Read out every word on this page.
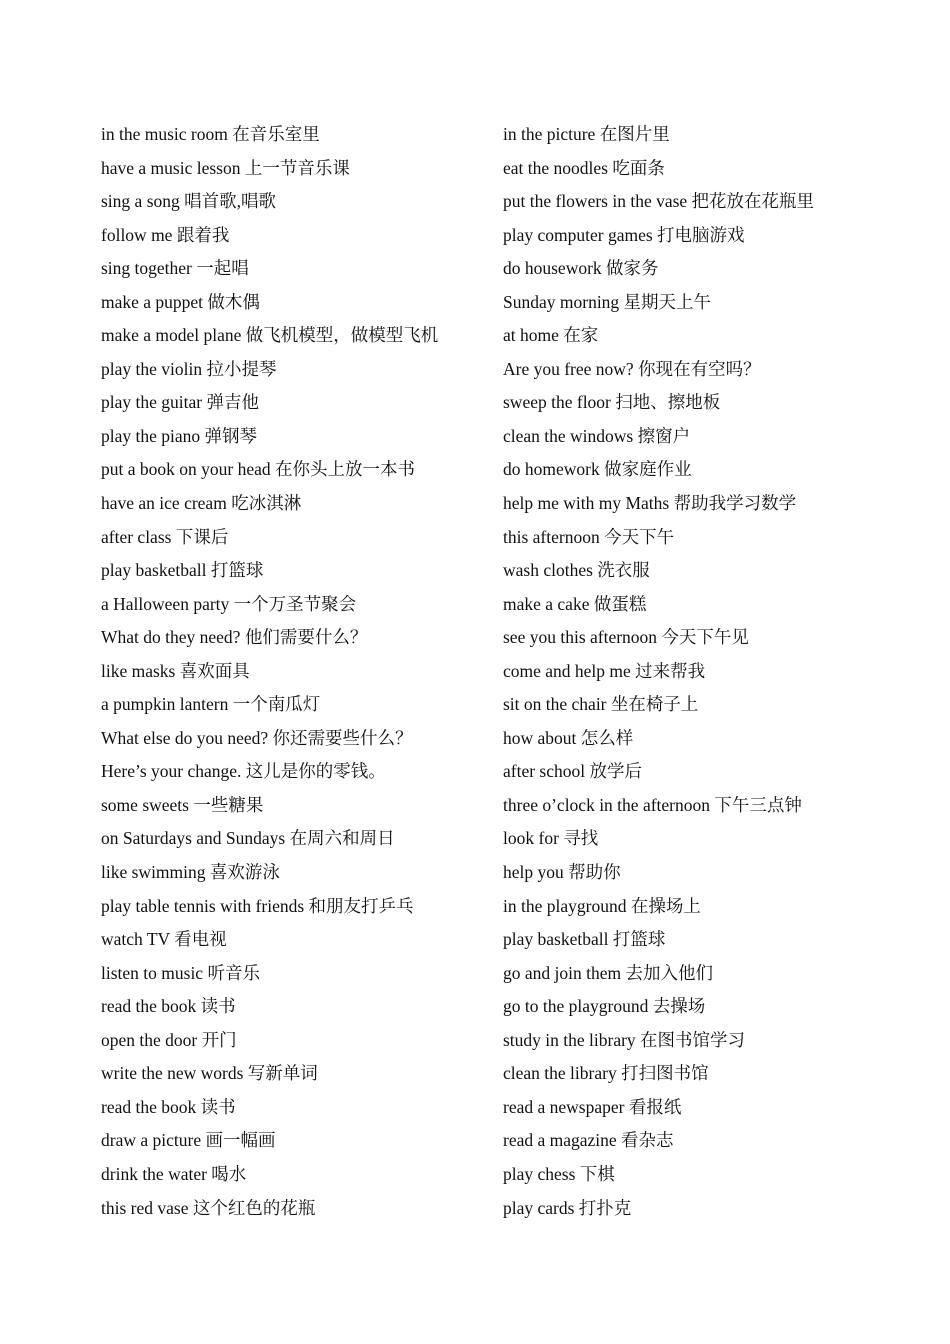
in the music room 在音乐室里
have a music lesson 上一节音乐课
sing a song 唱首歌,唱歌
follow me 跟着我
sing together 一起唱
make a puppet 做木偶
make a model plane 做飞机模型，做模型飞机
play the violin 拉小提琴
play the guitar 弹吉他
play the piano 弹钢琴
put a book on your head 在你头上放一本书
have an ice cream 吃冰淇淋
after class 下课后
play basketball 打篮球
a Halloween party 一个万圣节聚会
What do they need? 他们需要什么？
like masks 喜欢面具
a pumpkin lantern 一个南瓜灯
What else do you need? 你还需要些什么？
Here’s your change. 这儿是你的零钱。
some sweets 一些糖果
on Saturdays and Sundays 在周六和周日
like swimming 喜欢游泳
play table tennis with friends 和朋友打乒乓
watch TV 看电视
listen to music 听音乐
read the book 读书
open the door 开门
write the new words 写新单词
read the book 读书
draw a picture 画一幅画
drink the water 喝水
this red vase 这个红色的花瓶
in the picture 在图片里
eat the noodles 吃面条
put the flowers in the vase 把花放在花瓶里
play computer games 打电脑游戏
do housework 做家务
Sunday morning 星期天上午
at home 在家
Are you free now? 你现在有空吗？
sweep the floor 扫地、擦地板
clean the windows 擦窗户
do homework 做家庭作业
help me with my Maths 帮助我学习数学
this afternoon 今天下午
wash clothes 洗衣服
make a cake 做蛋糕
see you this afternoon 今天下午见
come and help me 过来帮我
sit on the chair 坐在椅子上
how about 怎么样
after school 放学后
three o’clock in the afternoon 下午三点钟
look for 寻找
help you 帮助你
in the playground 在操场上
play basketball 打篮球
go and join them 去加入他们
go to the playground 去操场
study in the library 在图书馆学习
clean the library 打扫图书馆
read a newspaper 看报纸
read a magazine 看杂志
play chess 下棋
play cards 打扑克
